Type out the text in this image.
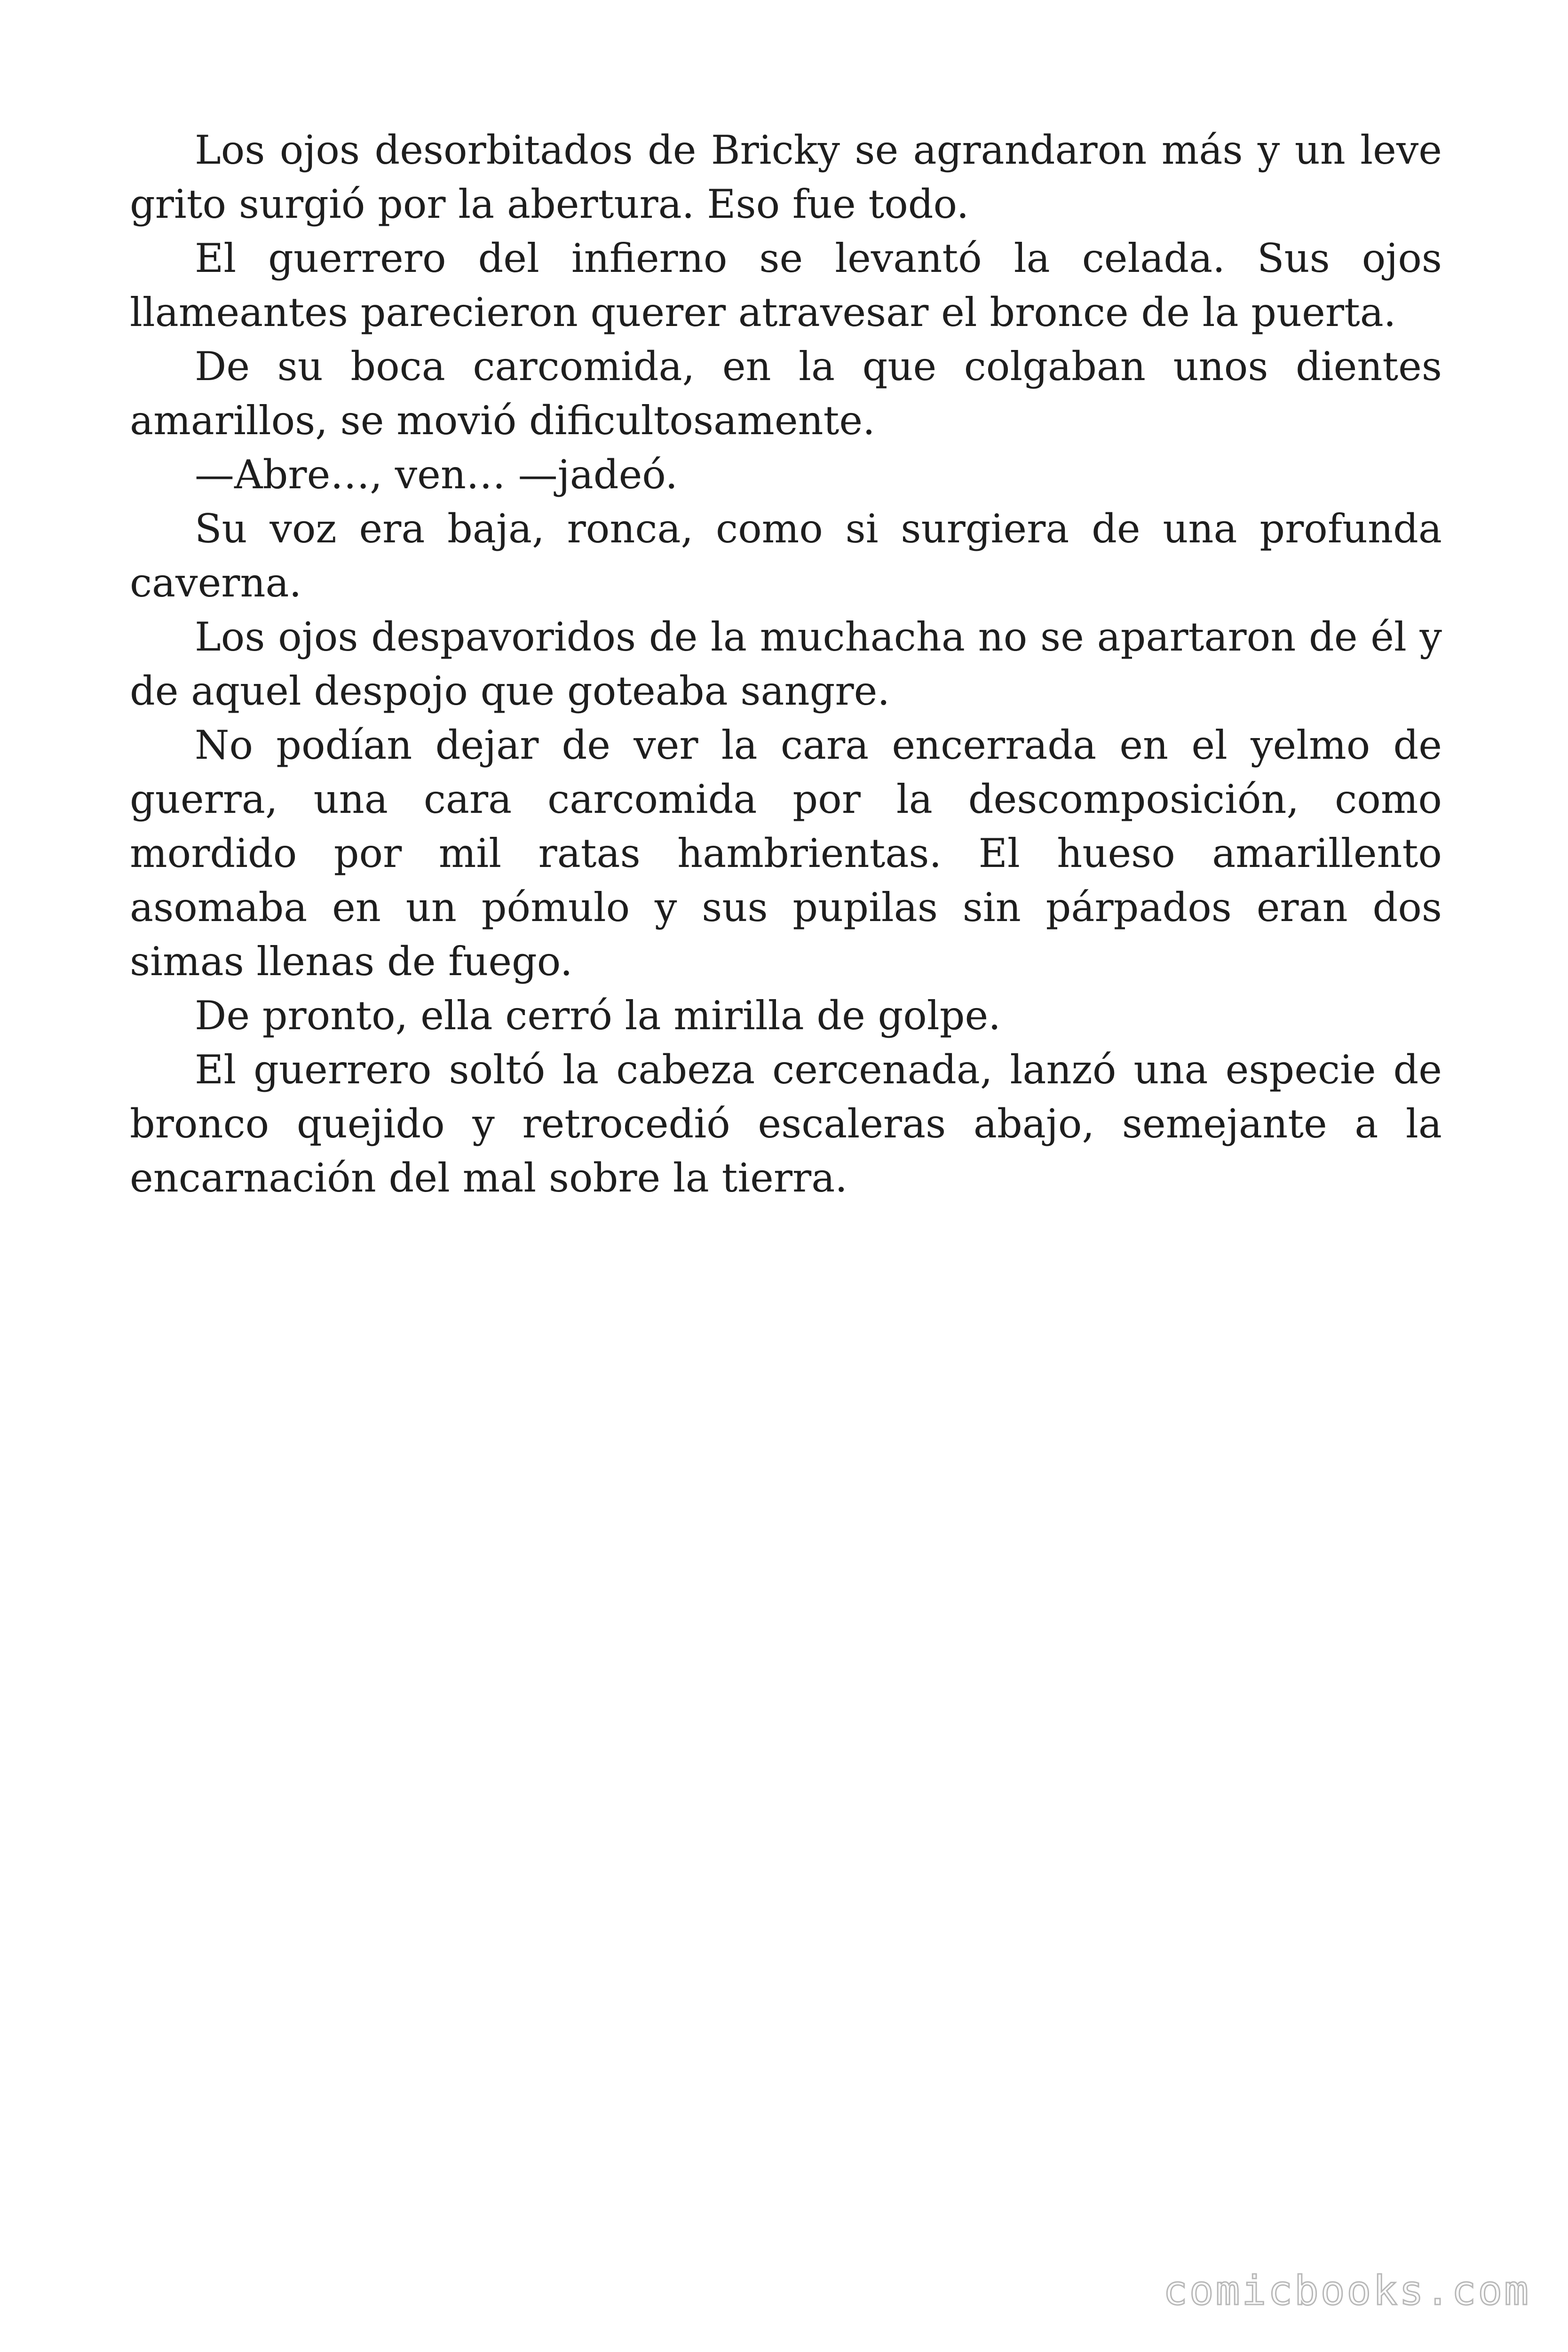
Los ojos desorbitados de Bricky se agrandaron más y un leve grito surgió por la abertura. Eso fue todo.

El guerrero del infierno se levantó la celada. Sus ojos llameantes parecieron querer atravesar el bronce de la puerta.

De su boca carcomida, en la que colgaban unos dientes amarillos, se movió dificultosamente.

—Abre…, ven… —jadeó.

Su voz era baja, ronca, como si surgiera de una profunda caverna.

Los ojos despavoridos de la muchacha no se apartaron de él y de aquel despojo que goteaba sangre.

No podían dejar de ver la cara encerrada en el yelmo de guerra, una cara carcomida por la descomposición, como mordido por mil ratas hambrientas. El hueso amarillento asomaba en un pómulo y sus pupilas sin párpados eran dos simas llenas de fuego.

De pronto, ella cerró la mirilla de golpe.

El guerrero soltó la cabeza cercenada, lanzó una especie de bronco quejido y retrocedió escaleras abajo, semejante a la encarnación del mal sobre la tierra.

comicbooks.com
